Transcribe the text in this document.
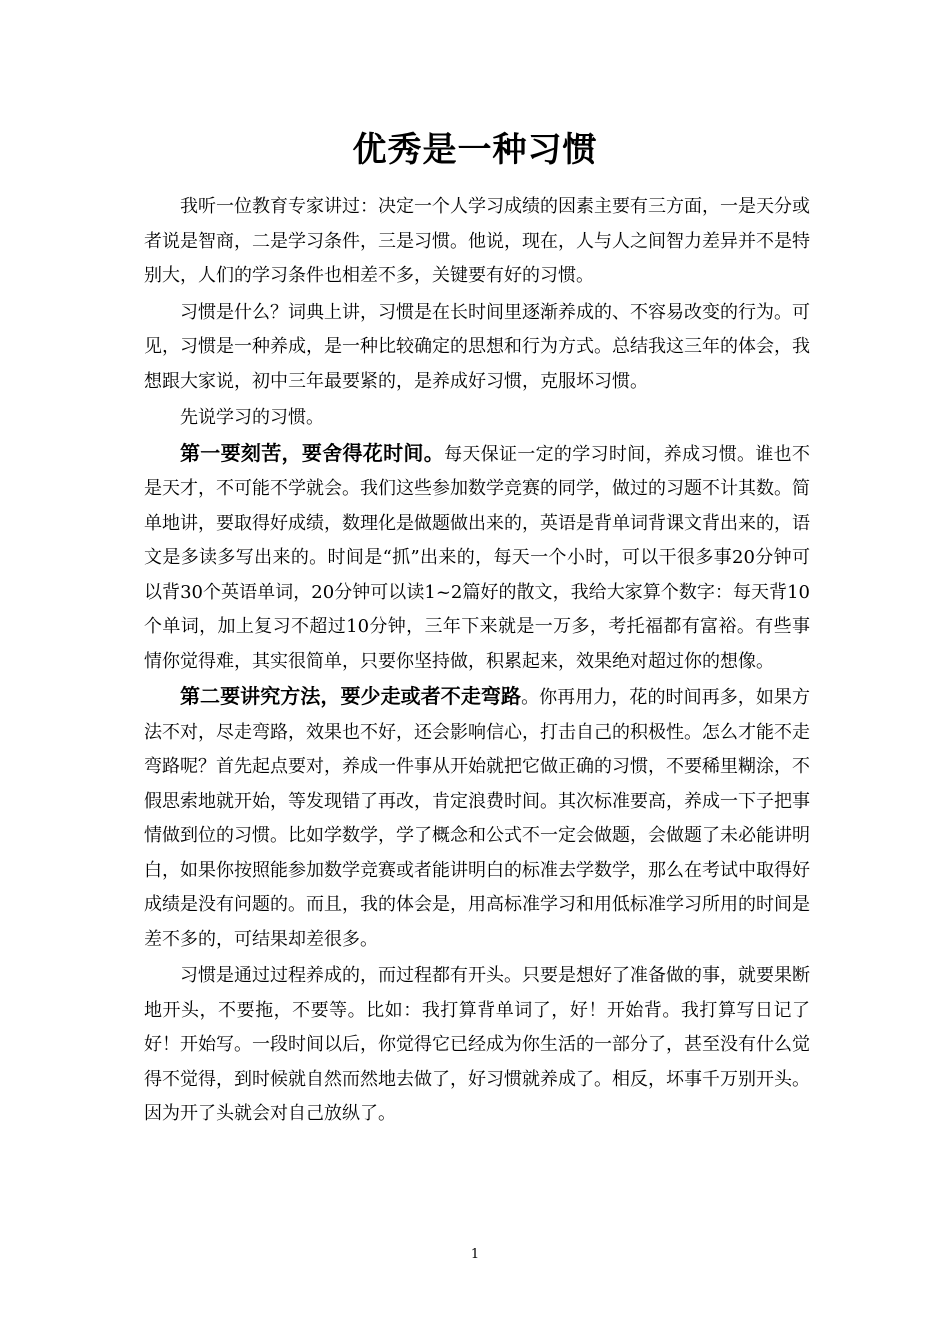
优秀是一种习惯

我听一位教育专家讲过：决定一个人学习成绩的因素主要有三方面，一是天分或者说是智商，二是学习条件，三是习惯。他说，现在，人与人之间智力差异并不是特别大，人们的学习条件也相差不多，关键要有好的习惯。

习惯是什么？词典上讲，习惯是在长时间里逐渐养成的、不容易改变的行为。可见，习惯是一种养成，是一种比较确定的思想和行为方式。总结我这三年的体会，我想跟大家说，初中三年最要紧的，是养成好习惯，克服坏习惯。

先说学习的习惯。

第一要刻苦，要舍得花时间。每天保证一定的学习时间，养成习惯。谁也不是天才，不可能不学就会。我们这些参加数学竞赛的同学，做过的习题不计其数。简单地讲，要取得好成绩，数理化是做题做出来的，英语是背单词背课文背出来的，语文是多读多写出来的。时间是“抓”出来的，每天一个小时，可以干很多事20分钟可以背30个英语单词，20分钟可以读1~2篇好的散文，我给大家算个数字：每天背10个单词，加上复习不超过10分钟，三年下来就是一万多，考托福都有富裕。有些事情你觉得难，其实很简单，只要你坚持做，积累起来，效果绝对超过你的想像。

第二要讲究方法，要少走或者不走弯路。你再用力，花的时间再多，如果方法不对，尽走弯路，效果也不好，还会影响信心，打击自己的积极性。怎么才能不走弯路呢？首先起点要对，养成一件事从开始就把它做正确的习惯，不要稀里糊涂，不假思索地就开始，等发现错了再改，肯定浪费时间。其次标准要高，养成一下子把事情做到位的习惯。比如学数学，学了概念和公式不一定会做题，会做题了未必能讲明白，如果你按照能参加数学竞赛或者能讲明白的标准去学数学，那么在考试中取得好成绩是没有问题的。而且，我的体会是，用高标准学习和用低标准学习所用的时间是差不多的，可结果却差很多。

习惯是通过过程养成的，而过程都有开头。只要是想好了准备做的事，就要果断地开头，不要拖，不要等。比如：我打算背单词了，好！开始背。我打算写日记了好！开始写。一段时间以后，你觉得它已经成为你生活的一部分了，甚至没有什么觉得不觉得，到时候就自然而然地去做了，好习惯就养成了。相反，坏事千万别开头。因为开了头就会对自己放纵了。

1
